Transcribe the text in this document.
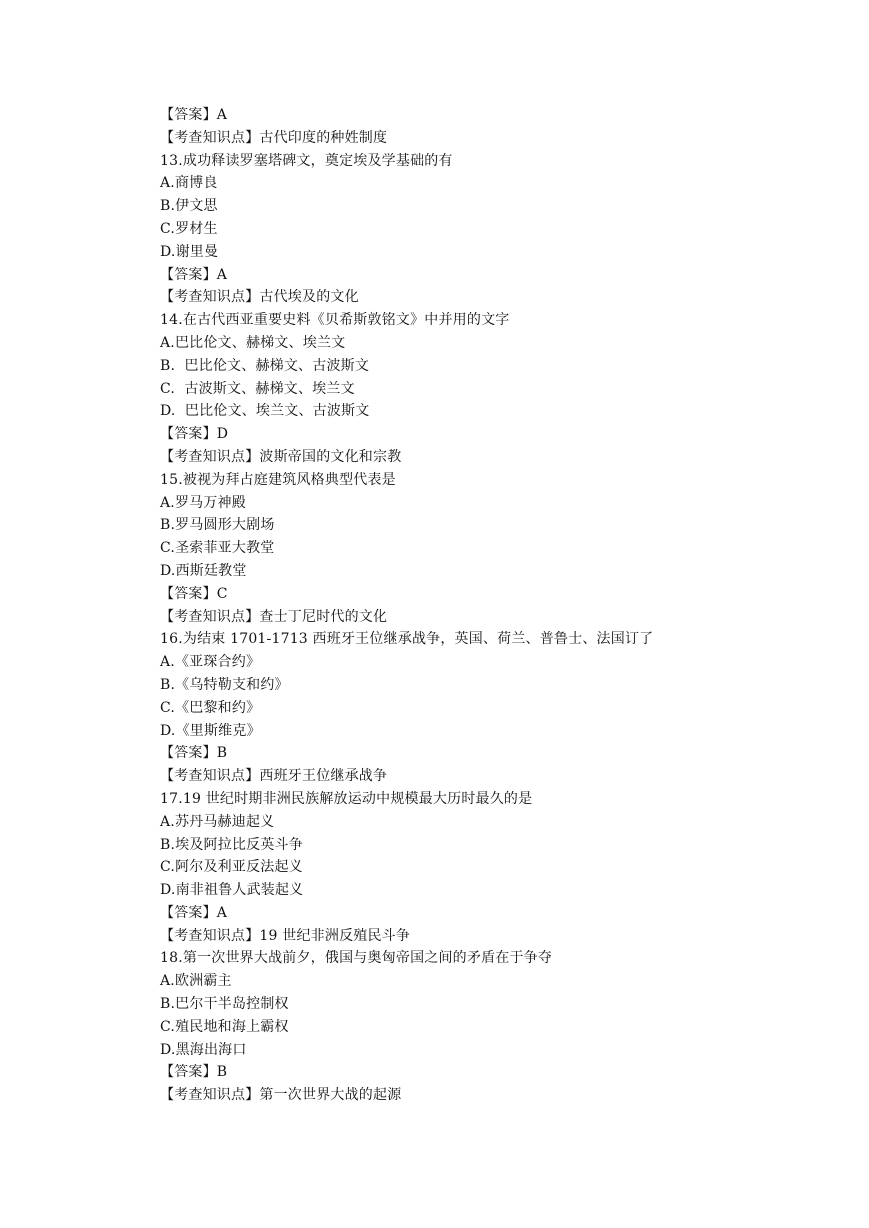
【答案】A
【考查知识点】古代印度的种姓制度
13.成功释读罗塞塔碑文，奠定埃及学基础的有
A.商博良
B.伊文思
C.罗材生
D.谢里曼
【答案】A
【考查知识点】古代埃及的文化
14.在古代西亚重要史料《贝希斯敦铭文》中并用的文字
A.巴比伦文、赫梯文、埃兰文
B.  巴比伦文、赫梯文、古波斯文
C.  古波斯文、赫梯文、埃兰文
D.  巴比伦文、埃兰文、古波斯文
【答案】D
【考查知识点】波斯帝国的文化和宗教
15.被视为拜占庭建筑风格典型代表是
A.罗马万神殿
B.罗马圆形大剧场
C.圣索菲亚大教堂
D.西斯廷教堂
【答案】C
【考查知识点】查士丁尼时代的文化
16.为结束 1701-1713 西班牙王位继承战争，英国、荷兰、普鲁士、法国订了
A.《亚琛合约》
B.《乌特勒支和约》
C.《巴黎和约》
D.《里斯维克》
【答案】B
【考查知识点】西班牙王位继承战争
17.19 世纪时期非洲民族解放运动中规模最大历时最久的是
A.苏丹马赫迪起义
B.埃及阿拉比反英斗争
C.阿尔及利亚反法起义
D.南非祖鲁人武装起义
【答案】A
【考查知识点】19 世纪非洲反殖民斗争
18.第一次世界大战前夕，俄国与奥匈帝国之间的矛盾在于争夺
A.欧洲霸主
B.巴尔干半岛控制权
C.殖民地和海上霸权
D.黑海出海口
【答案】B
【考查知识点】第一次世界大战的起源
